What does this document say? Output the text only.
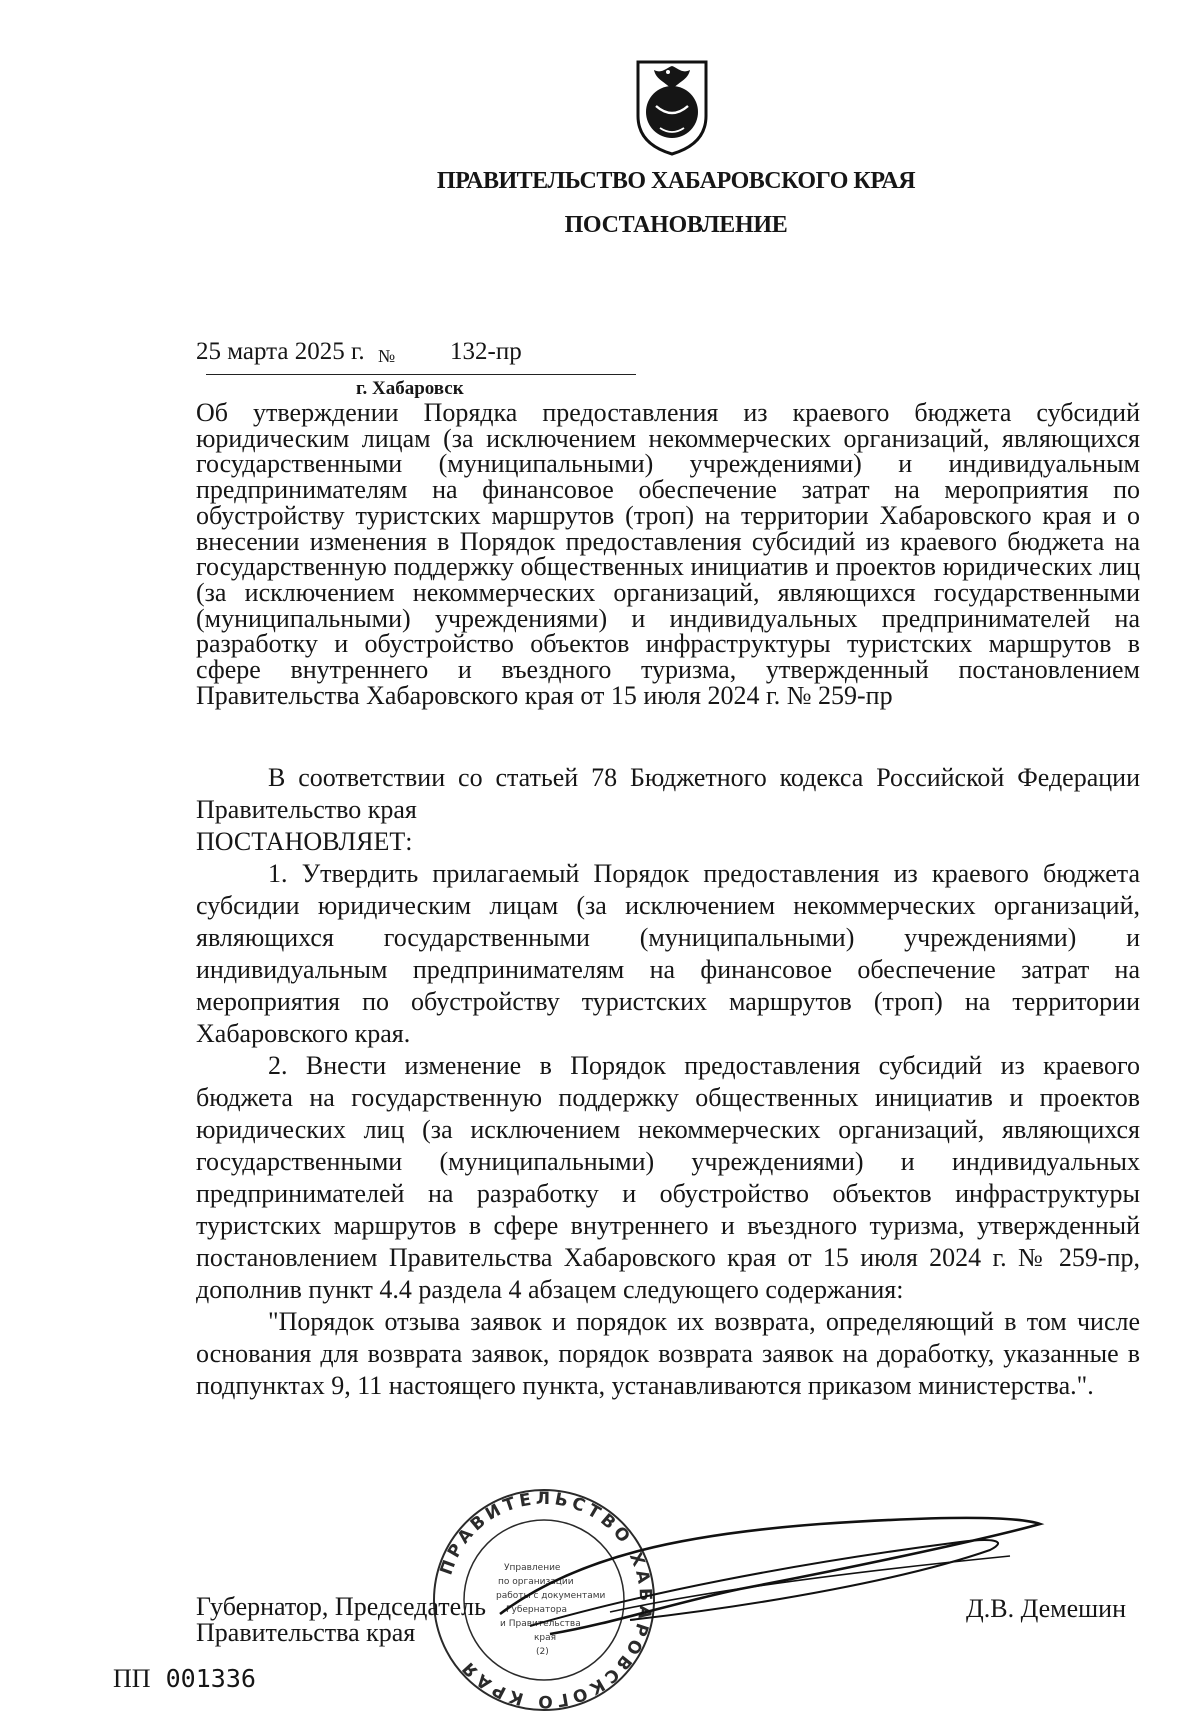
ПРАВИТЕЛЬСТВО ХАБАРОВСКОГО КРАЯ
ПОСТАНОВЛЕНИЕ
25 марта 2025 г. № 132-пр
г. Хабаровск
Об утверждении Порядка предоставления из краевого бюджета субсидий юридическим лицам (за исключением некоммерческих организаций, являющихся государственными (муниципальными) учреждениями) и индивидуальным предпринимателям на финансовое обеспечение затрат на мероприятия по обустройству туристских маршрутов (троп) на территории Хабаровского края и о внесении изменения в Порядок предоставления субсидий из краевого бюджета на государственную поддержку общественных инициатив и проектов юридических лиц (за исключением некоммерческих организаций, являющихся государственными (муниципальными) учреждениями) и индивидуальных предпринимателей на разработку и обустройство объектов инфраструктуры туристских маршрутов в сфере внутреннего и въездного туризма, утвержденный постановлением Правительства Хабаровского края от 15 июля 2024 г. № 259-пр

В соответствии со статьей 78 Бюджетного кодекса Российской Федерации Правительство края

ПОСТАНОВЛЯЕТ:

1. Утвердить прилагаемый Порядок предоставления из краевого бюджета субсидии юридическим лицам (за исключением некоммерческих организаций, являющихся государственными (муниципальными) учреждениями) и индивидуальным предпринимателям на финансовое обеспечение затрат на мероприятия по обустройству туристских маршрутов (троп) на территории Хабаровского края.

2. Внести изменение в Порядок предоставления субсидий из краевого бюджета на государственную поддержку общественных инициатив и проектов юридических лиц (за исключением некоммерческих организаций, являющихся государственными (муниципальными) учреждениями) и индивидуальных предпринимателей на разработку и обустройство объектов инфраструктуры туристских маршрутов в сфере внутреннего и въездного туризма, утвержденный постановлением Правительства Хабаровского края от 15 июля 2024 г. № 259-пр, дополнив пункт 4.4 раздела 4 абзацем следующего содержания:

"Порядок отзыва заявок и порядок их возврата, определяющий в том числе основания для возврата заявок, порядок возврата заявок на доработку, указанные в подпунктах 9, 11 настоящего пункта, устанавливаются приказом министерства.".

ПРАВИТЕЛЬСТВО ХАБАРОВСКОГО КРАЯ
Управление
по организации
работы с документами
Губернатора
и Правительства
края
(2)
Губернатор, Председатель
Правительства края
Д.В. Демешин
ПП 001336
